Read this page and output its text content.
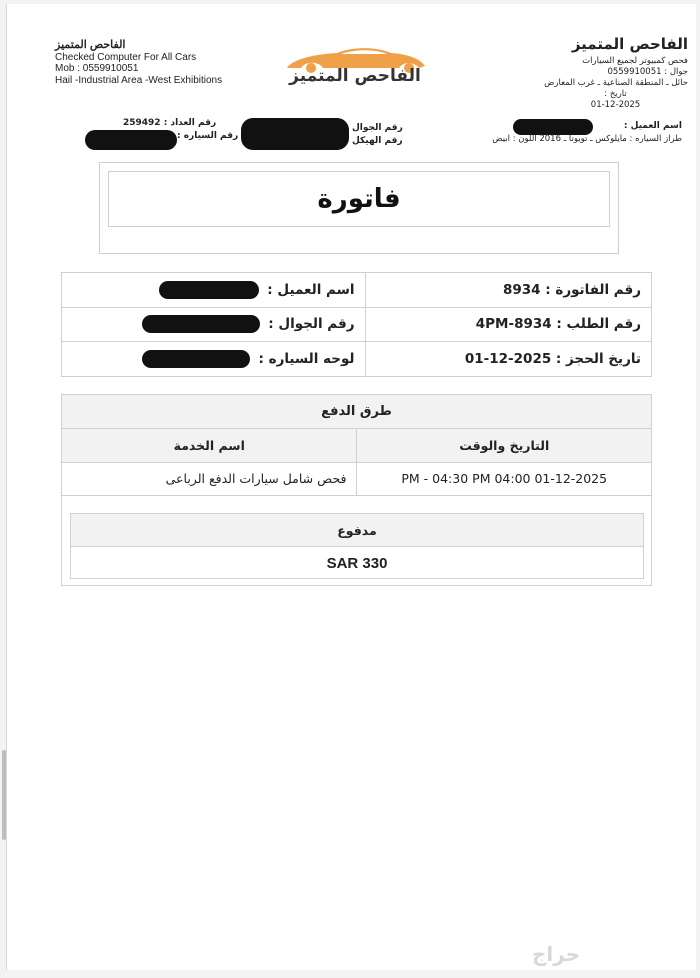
الفاحص المتميز
Checked Computer For All Cars
Mob : 0559910051
Hail -Industrial Area -West Exhibitions	الفاحص المتميز
الفاحص المتميز
فحص كمبيوتر لجميع السيارات
جوال : 0559910051
حائل ـ المنطقة الصناعية ـ غرب المعارض
تاريخ :
01-12-2025
رقم العداد : 259492
رقم السياره :
رقم الجوال
رقم الهيكل
اسم العميل :
طراز السياره : مايلوكس ـ تويوتا ـ 2016 اللون : ابيض
فاتورة
اسم العميل :	رقم الفاتورة : 8934
رقم الجوال :	رقم الطلب : 8934-4PM
لوحه السياره :	تاريخ الحجز : 2025-12-01
طرق الدفع
اسم الخدمة	التاريخ والوقت
فحص شامل سيارات الدفع الرباعى	PM - 04:30 PM 04:00 01-12-2025
مدفوع
SAR 330
حراج
